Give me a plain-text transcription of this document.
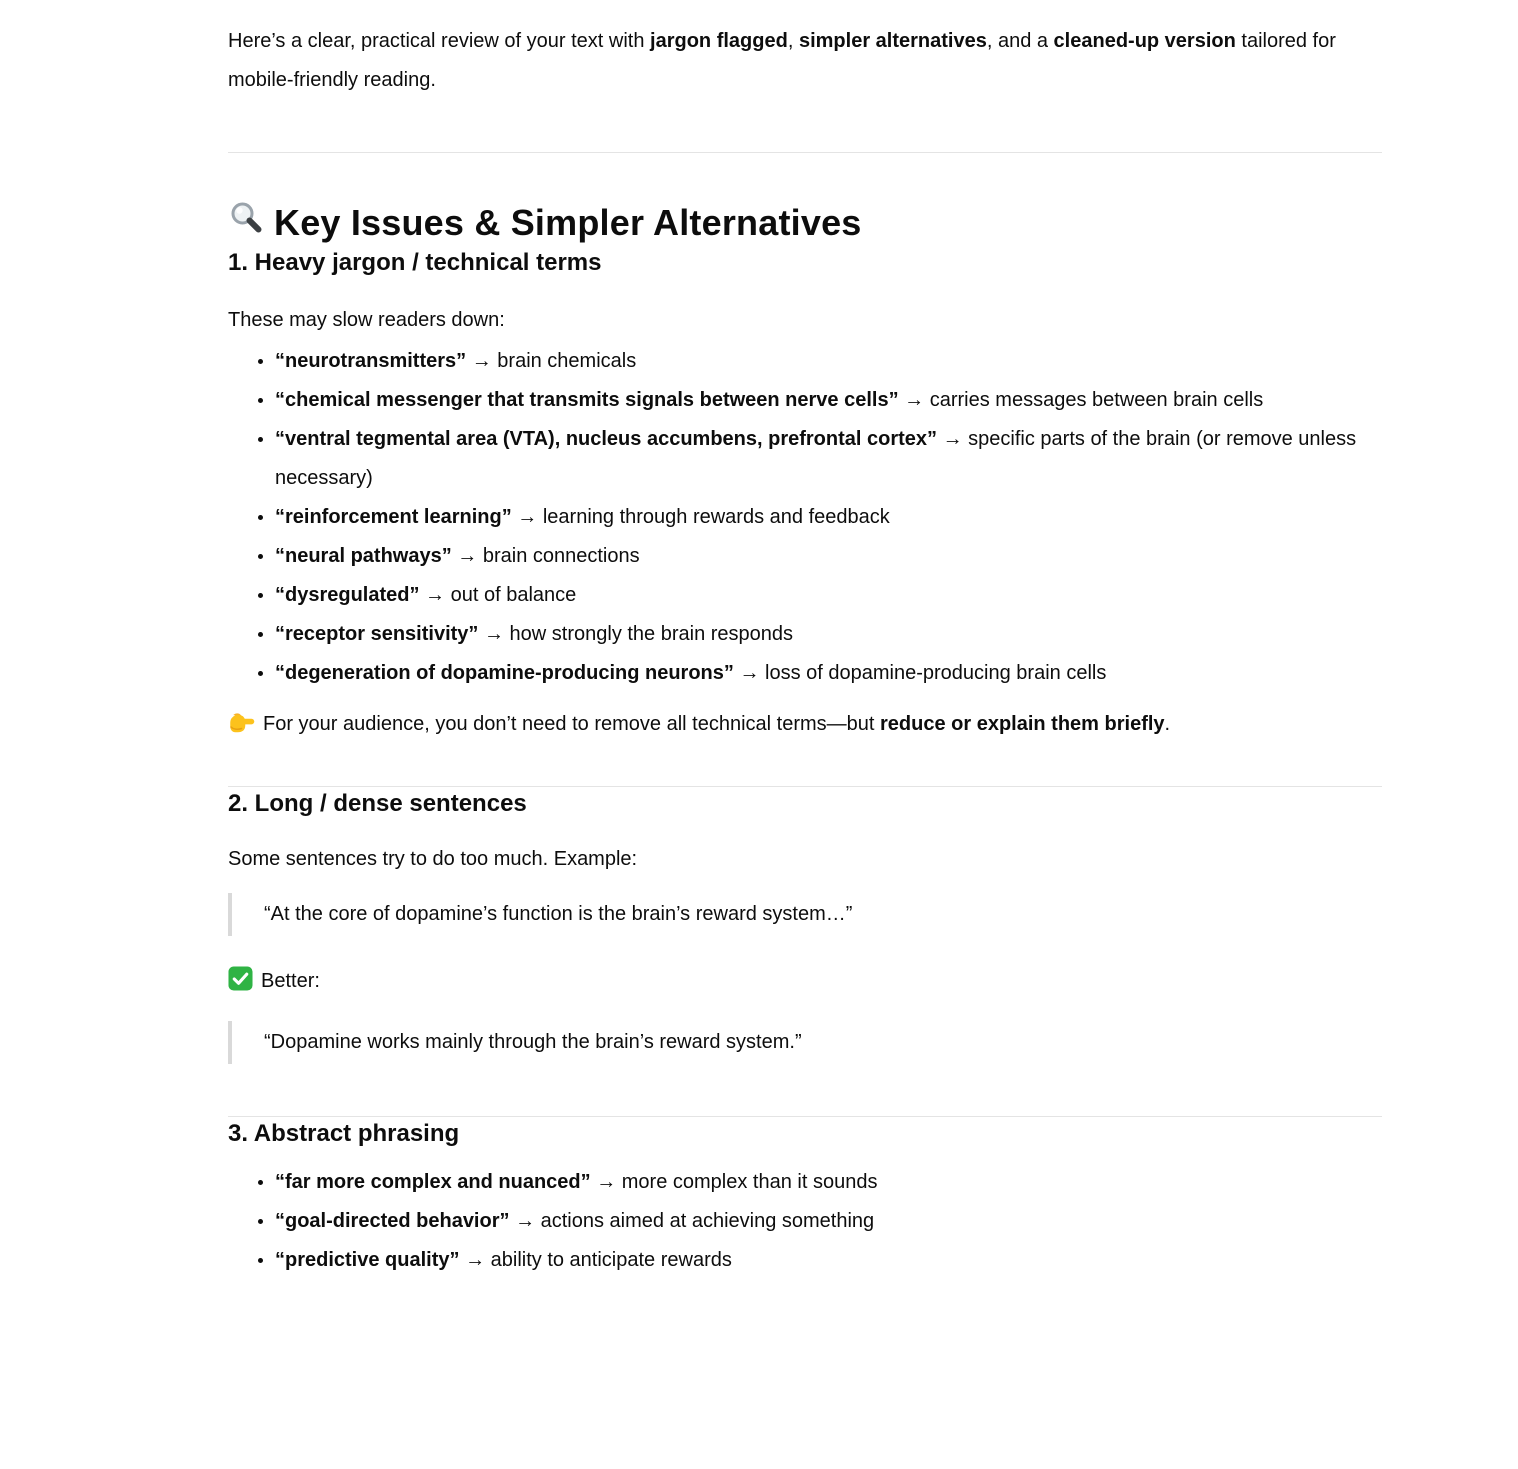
Here’s a clear, practical review of your text with jargon flagged, simpler alternatives, and a cleaned-up version tailored for mobile-friendly reading.

Key Issues & Simpler Alternatives
1. Heavy jargon / technical terms

These may slow readers down:

• “neurotransmitters” → brain chemicals
• “chemical messenger that transmits signals between nerve cells” → carries messages between brain cells
• “ventral tegmental area (VTA), nucleus accumbens, prefrontal cortex” → specific parts of the brain (or remove unless necessary)
• “reinforcement learning” → learning through rewards and feedback
• “neural pathways” → brain connections
• “dysregulated” → out of balance
• “receptor sensitivity” → how strongly the brain responds
• “degeneration of dopamine-producing neurons” → loss of dopamine-producing brain cells

For your audience, you don’t need to remove all technical terms—but reduce or explain them briefly.

2. Long / dense sentences

Some sentences try to do too much. Example:

“At the core of dopamine’s function is the brain’s reward system…”

Better:

“Dopamine works mainly through the brain’s reward system.”
3. Abstract phrasing
• “far more complex and nuanced” → more complex than it sounds
• “goal-directed behavior” → actions aimed at achieving something
• “predictive quality” → ability to anticipate rewards
